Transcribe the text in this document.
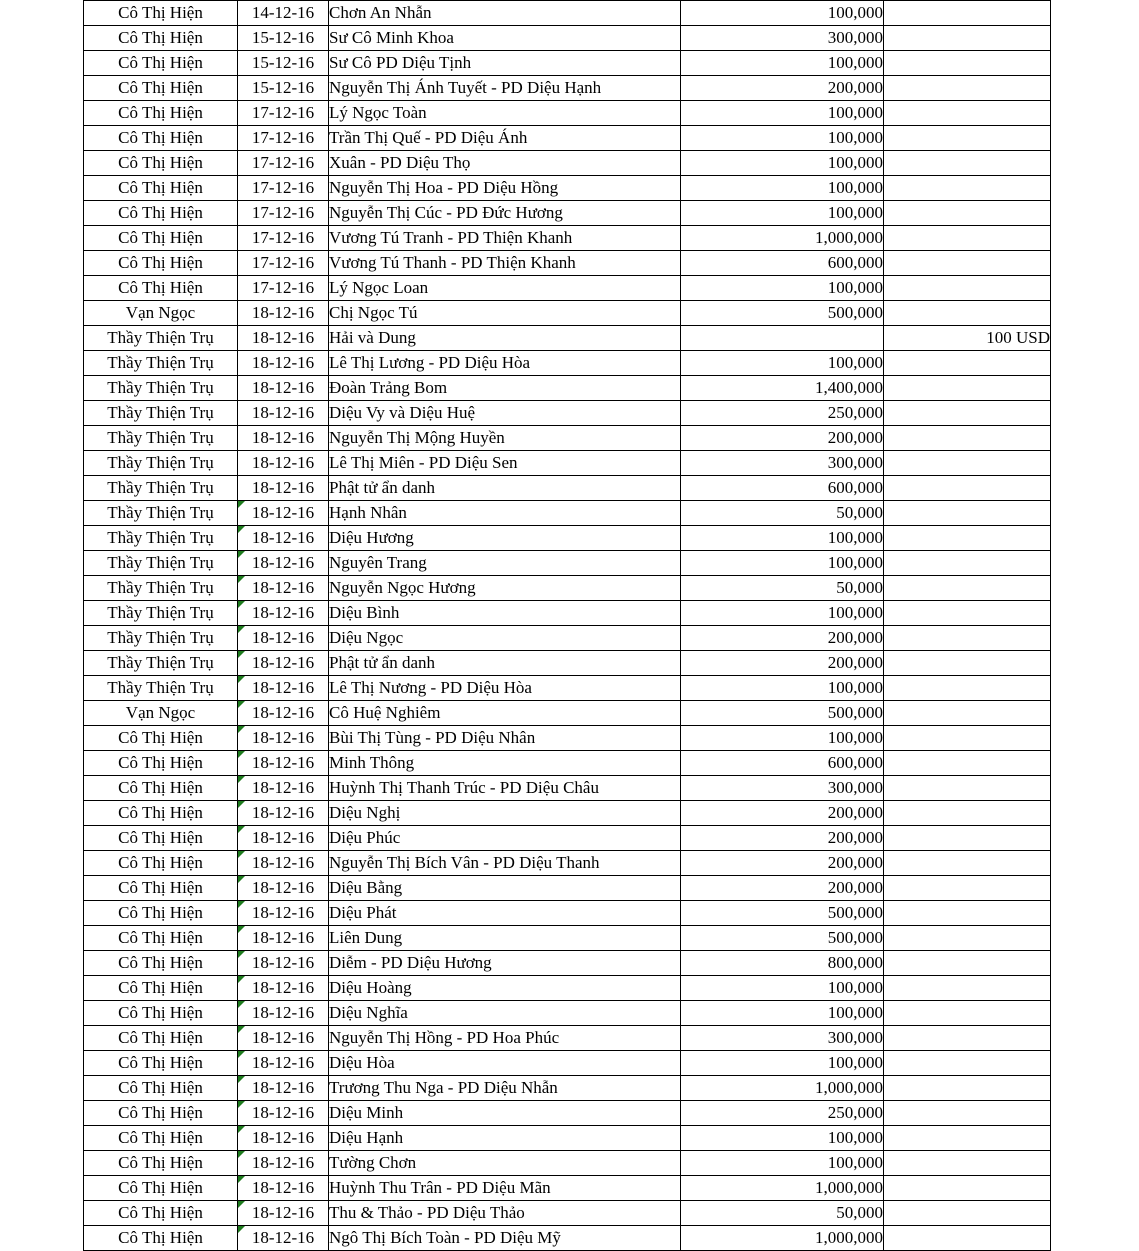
Cô Thị Hiện	14-12-16	Chơn An Nhẫn	100,000	
Cô Thị Hiện	15-12-16	Sư Cô Minh Khoa	300,000	
Cô Thị Hiện	15-12-16	Sư Cô PD Diệu Tịnh	100,000	
Cô Thị Hiện	15-12-16	Nguyễn Thị Ánh Tuyết - PD Diệu Hạnh	200,000	
Cô Thị Hiện	17-12-16	Lý Ngọc Toàn	100,000	
Cô Thị Hiện	17-12-16	Trần Thị Quế - PD Diệu Ánh	100,000	
Cô Thị Hiện	17-12-16	Xuân - PD Diệu Thọ	100,000	
Cô Thị Hiện	17-12-16	Nguyễn Thị Hoa - PD Diệu Hồng	100,000	
Cô Thị Hiện	17-12-16	Nguyễn Thị Cúc - PD Đức Hương	100,000	
Cô Thị Hiện	17-12-16	Vương Tú Tranh - PD Thiện Khanh	1,000,000	
Cô Thị Hiện	17-12-16	Vương Tú Thanh - PD Thiện Khanh	600,000	
Cô Thị Hiện	17-12-16	Lý Ngọc Loan	100,000	
Vạn Ngọc	18-12-16	Chị Ngọc Tú	500,000	
Thầy Thiện Trụ	18-12-16	Hải và Dung		100 USD
Thầy Thiện Trụ	18-12-16	Lê Thị Lương - PD Diệu Hòa	100,000	
Thầy Thiện Trụ	18-12-16	Đoàn Trảng Bom	1,400,000	
Thầy Thiện Trụ	18-12-16	Diệu Vy và Diệu Huệ	250,000	
Thầy Thiện Trụ	18-12-16	Nguyễn Thị Mộng Huyền	200,000	
Thầy Thiện Trụ	18-12-16	Lê Thị Miên - PD Diệu Sen	300,000	
Thầy Thiện Trụ	18-12-16	Phật tử ẩn danh	600,000	
Thầy Thiện Trụ	18-12-16	Hạnh Nhân	50,000	
Thầy Thiện Trụ	18-12-16	Diệu Hương	100,000	
Thầy Thiện Trụ	18-12-16	Nguyên Trang	100,000	
Thầy Thiện Trụ	18-12-16	Nguyễn Ngọc Hương	50,000	
Thầy Thiện Trụ	18-12-16	Diệu Bình	100,000	
Thầy Thiện Trụ	18-12-16	Diệu Ngọc	200,000	
Thầy Thiện Trụ	18-12-16	Phật tử ẩn danh	200,000	
Thầy Thiện Trụ	18-12-16	Lê Thị Nương - PD Diệu Hòa	100,000	
Vạn Ngọc	18-12-16	Cô Huệ Nghiêm	500,000	
Cô Thị Hiện	18-12-16	Bùi Thị Tùng - PD Diệu Nhân	100,000	
Cô Thị Hiện	18-12-16	Minh Thông	600,000	
Cô Thị Hiện	18-12-16	Huỳnh Thị Thanh Trúc - PD Diệu Châu	300,000	
Cô Thị Hiện	18-12-16	Diệu Nghị	200,000	
Cô Thị Hiện	18-12-16	Diệu Phúc	200,000	
Cô Thị Hiện	18-12-16	Nguyễn Thị Bích Vân - PD Diệu Thanh	200,000	
Cô Thị Hiện	18-12-16	Diệu Bằng	200,000	
Cô Thị Hiện	18-12-16	Diệu Phát	500,000	
Cô Thị Hiện	18-12-16	Liên Dung	500,000	
Cô Thị Hiện	18-12-16	Diễm - PD Diệu Hương	800,000	
Cô Thị Hiện	18-12-16	Diệu Hoàng	100,000	
Cô Thị Hiện	18-12-16	Diệu Nghĩa	100,000	
Cô Thị Hiện	18-12-16	Nguyễn Thị Hồng - PD Hoa Phúc	300,000	
Cô Thị Hiện	18-12-16	Diệu Hòa	100,000	
Cô Thị Hiện	18-12-16	Trương Thu Nga - PD Diệu Nhẫn	1,000,000	
Cô Thị Hiện	18-12-16	Diệu Minh	250,000	
Cô Thị Hiện	18-12-16	Diệu Hạnh	100,000	
Cô Thị Hiện	18-12-16	Tường Chơn	100,000	
Cô Thị Hiện	18-12-16	Huỳnh Thu Trân - PD Diệu Mãn	1,000,000	
Cô Thị Hiện	18-12-16	Thu & Thảo - PD Diệu Thảo	50,000	
Cô Thị Hiện	18-12-16	Ngô Thị Bích Toàn - PD Diệu Mỹ	1,000,000	
